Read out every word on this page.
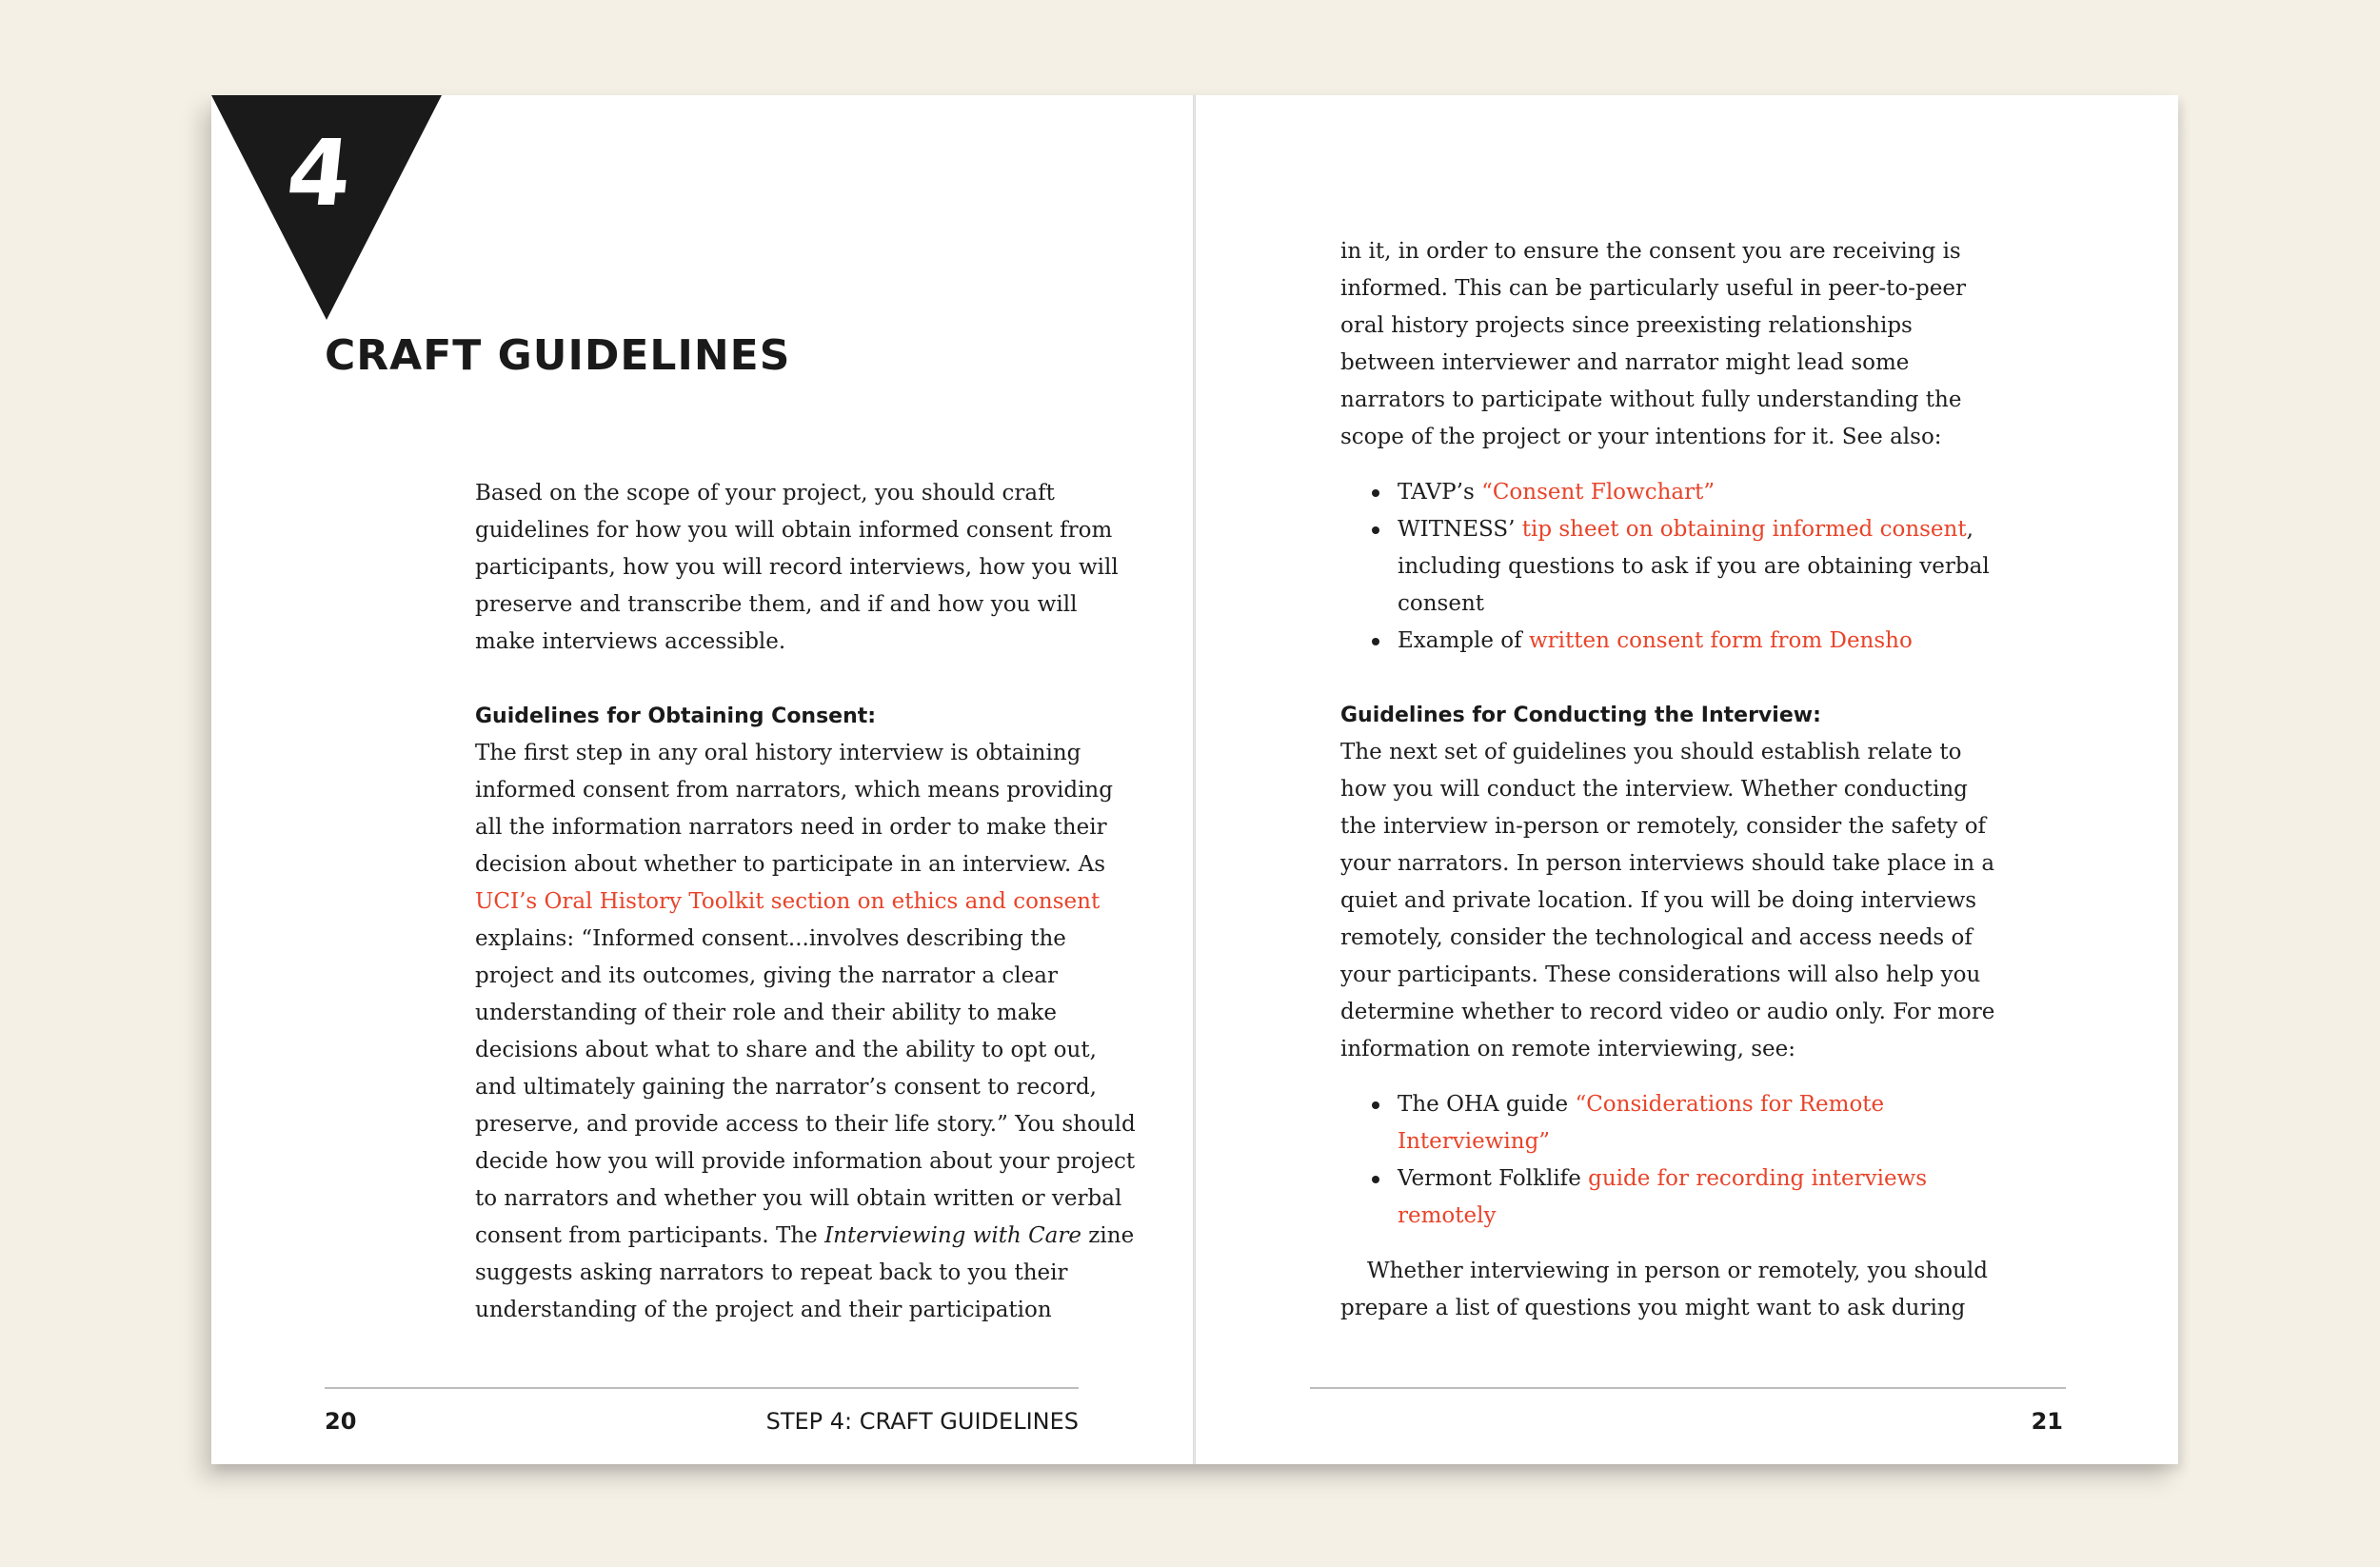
4
CRAFT GUIDELINES

Based on the scope of your project, you should craft guidelines for how you will obtain informed consent from participants, how you will record interviews, how you will preserve and transcribe them, and if and how you will make interviews accessible.

Guidelines for Obtaining Consent:

The first step in any oral history interview is obtaining informed consent from narrators, which means providing all the information narrators need in order to make their decision about whether to participate in an interview. As UCI’s Oral History Toolkit section on ethics and consent explains: “Informed consent...involves describing the project and its outcomes, giving the narrator a clear understanding of their role and their ability to make decisions about what to share and the ability to opt out, and ultimately gaining the narrator’s consent to record, preserve, and provide access to their life story.” You should decide how you will provide information about your project to narrators and whether you will obtain written or verbal consent from participants. The Interviewing with Care zine suggests asking narrators to repeat back to you their understanding of the project and their participation

20	STEP 4: CRAFT GUIDELINES

in it, in order to ensure the consent you are receiving is informed. This can be particularly useful in peer-to-peer oral history projects since preexisting relationships between interviewer and narrator might lead some narrators to participate without fully understanding the scope of the project or your intentions for it. See also:

TAVP’s “Consent Flowchart”
WITNESS’ tip sheet on obtaining informed consent, including questions to ask if you are obtaining verbal consent
Example of written consent form from Densho
Guidelines for Conducting the Interview:

The next set of guidelines you should establish relate to how you will conduct the interview. Whether conducting the interview in-person or remotely, consider the safety of your narrators. In person interviews should take place in a quiet and private location. If you will be doing interviews remotely, consider the technological and access needs of your participants. These considerations will also help you determine whether to record video or audio only. For more information on remote interviewing, see:

The OHA guide “Considerations for Remote Interviewing”
Vermont Folklife guide for recording interviews remotely

Whether interviewing in person or remotely, you should prepare a list of questions you might want to ask during

21
